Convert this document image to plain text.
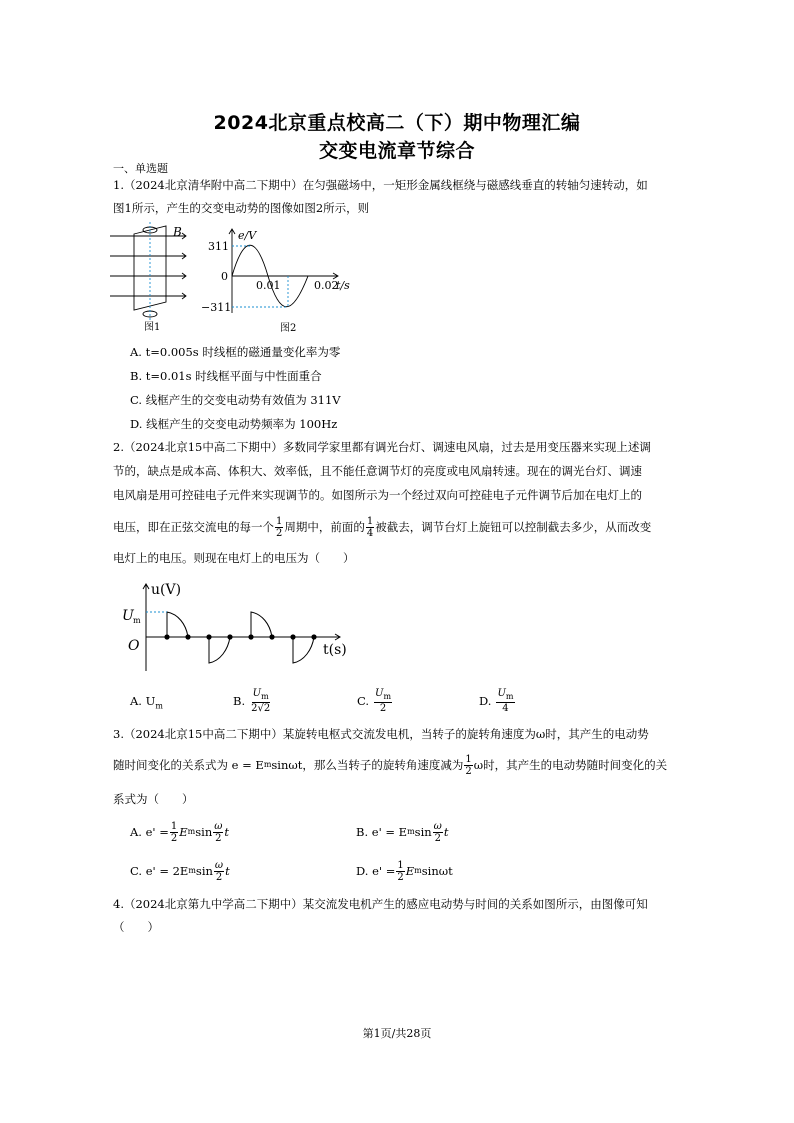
2024北京重点校高二（下）期中物理汇编
交变电流章节综合
一、单选题
1.（2024北京清华附中高二下期中）在匀强磁场中，一矩形金属线框绕与磁感线垂直的转轴匀速转动，如
图1所示，产生的交变电动势的图像如图2所示，则
B
图1
e/V
311
0
−311
0.01	0.02
t/s
图2
A. t=0.005s 时线框的磁通量变化率为零
B. t=0.01s 时线框平面与中性面重合
C. 线框产生的交变电动势有效值为 311V
D. 线框产生的交变电动势频率为 100Hz
2.（2024北京15中高二下期中）多数同学家里都有调光台灯、调速电风扇，过去是用变压器来实现上述调
节的，缺点是成本高、体积大、效率低，且不能任意调节灯的亮度或电风扇转速。现在的调光台灯、调速
电风扇是用可控硅电子元件来实现调节的。如图所示为一个经过双向可控硅电子元件调节后加在电灯上的
电压，即在正弦交流电的每一个 $\frac{1}{2}$ 周期中，前面的 $\frac{1}{4}$ 被截去，调节台灯上旋钮可以控制截去多少，从而改变
电灯上的电压。则现在电灯上的电压为（　　）
u(V)
U m
O	t(s)
A. $U_m$	B. $\frac{U_m}{2√2}$	C. $\frac{U_m}{2}$	D. $\frac{U_m}{4}$
3.（2024北京15中高二下期中）某旋转电枢式交流发电机，当转子的旋转角速度为ω时，其产生的电动势
随时间变化的关系式为 e = E m sinωt，那么当转子的旋转角速度减为 $\frac{1}{2}$ ω时，其产生的电动势随时间变化的关
系式为（　　）
A. $e' = \frac{1}{2}$ E m $\sin \frac{\omega}{2}$ t	B. e' = E m $\sin \frac{\omega}{2}$ t
C. e' = 2E m $\sin \frac{\omega}{2}$ t	D. $e' = \frac{1}{2}$ E m sinωt
4.（2024北京第九中学高二下期中）某交流发电机产生的感应电动势与时间的关系如图所示，由图像可知
（　　）
第1页/共28页
